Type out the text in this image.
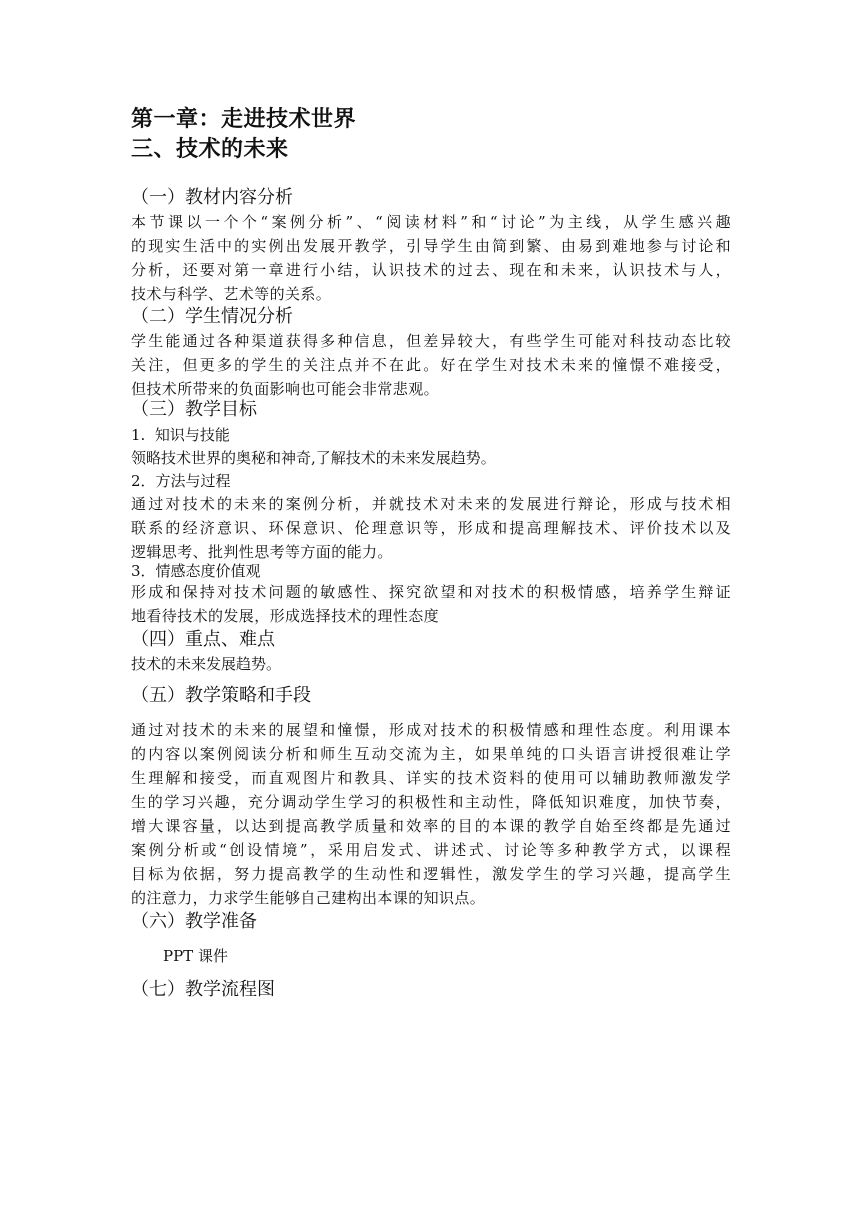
第一章：走进技术世界
三、技术的未来
（一）教材内容分析
本节课以一个个“案例分析”、“阅读材料”和“讨论”为主线，从学生感兴趣
的现实生活中的实例出发展开教学，引导学生由简到繁、由易到难地参与讨论和
分析，还要对第一章进行小结，认识技术的过去、现在和未来，认识技术与人，
技术与科学、艺术等的关系。
（二）学生情况分析
学生能通过各种渠道获得多种信息，但差异较大，有些学生可能对科技动态比较
关注，但更多的学生的关注点并不在此。好在学生对技术未来的憧憬不难接受，
但技术所带来的负面影响也可能会非常悲观。
（三）教学目标
1.  知识与技能
领略技术世界的奥秘和神奇,了解技术的未来发展趋势。
2．方法与过程
通过对技术的未来的案例分析，并就技术对未来的发展进行辩论，形成与技术相
联系的经济意识、环保意识、伦理意识等，形成和提高理解技术、评价技术以及
逻辑思考、批判性思考等方面的能力。
3．情感态度价值观
形成和保持对技术问题的敏感性、探究欲望和对技术的积极情感，培养学生辩证
地看待技术的发展，形成选择技术的理性态度
（四）重点、难点
技术的未来发展趋势。
（五）教学策略和手段
通过对技术的未来的展望和憧憬，形成对技术的积极情感和理性态度。利用课本
的内容以案例阅读分析和师生互动交流为主，如果单纯的口头语言讲授很难让学
生理解和接受，而直观图片和教具、详实的技术资料的使用可以辅助教师激发学
生的学习兴趣，充分调动学生学习的积极性和主动性，降低知识难度，加快节奏，
增大课容量，以达到提高教学质量和效率的目的本课的教学自始至终都是先通过
案例分析或“创设情境”，采用启发式、讲述式、讨论等多种教学方式，以课程
目标为依据，努力提高教学的生动性和逻辑性，激发学生的学习兴趣，提高学生
的注意力，力求学生能够自己建构出本课的知识点。
（六）教学准备
PPT 课件
（七）教学流程图
